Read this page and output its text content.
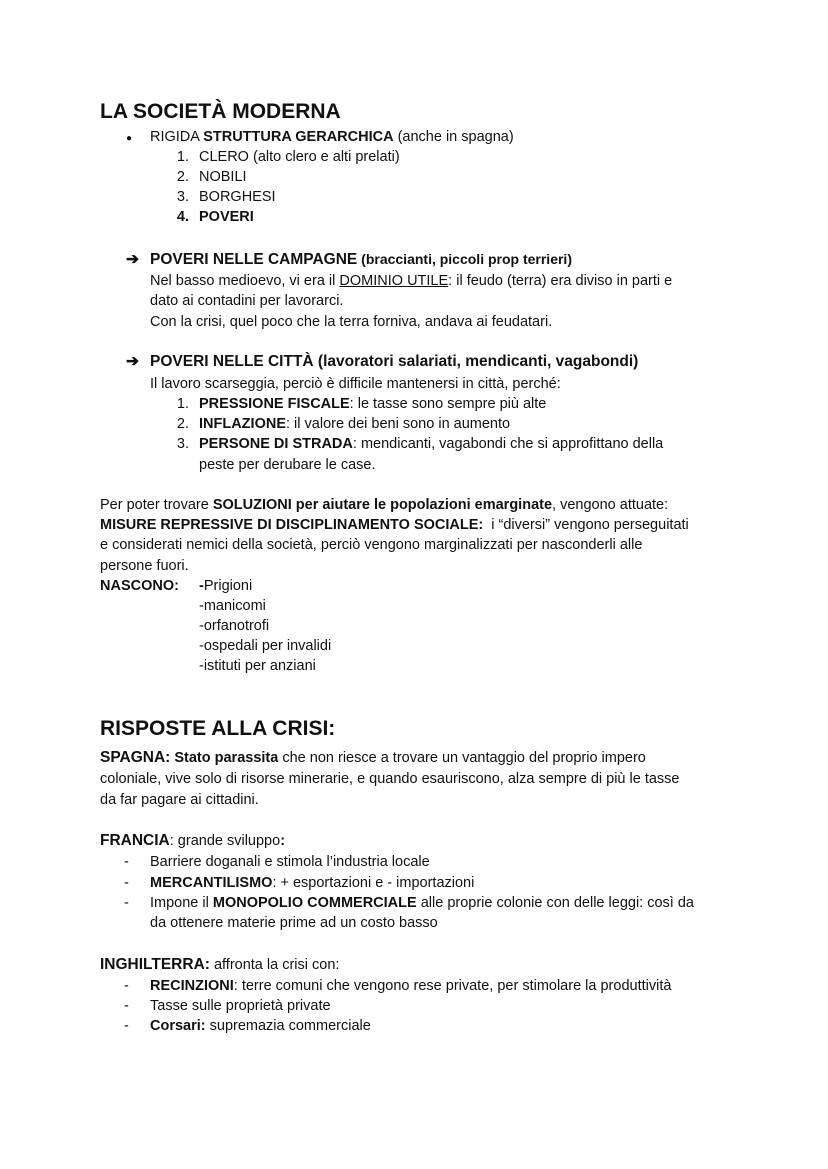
LA SOCIETÀ MODERNA
● RIGIDA STRUTTURA GERARCHICA (anche in spagna)
1. CLERO (alto clero e alti prelati)
2. NOBILI
3. BORGHESI
4. POVERI
➔ POVERI NELLE CAMPAGNE (braccianti, piccoli prop terrieri)
Nel basso medioevo, vi era il DOMINIO UTILE: il feudo (terra) era diviso in parti e
dato ai contadini per lavorarci.
Con la crisi, quel poco che la terra forniva, andava ai feudatari.
➔ POVERI NELLE CITTÀ (lavoratori salariati, mendicanti, vagabondi)
Il lavoro scarseggia, perciò è difficile mantenersi in città, perché:
1. PRESSIONE FISCALE: le tasse sono sempre più alte
2. INFLAZIONE: il valore dei beni sono in aumento
3. PERSONE DI STRADA: mendicanti, vagabondi che si approfittano della
peste per derubare le case.
Per poter trovare SOLUZIONI per aiutare le popolazioni emarginate, vengono attuate:
MISURE REPRESSIVE DI DISCIPLINAMENTO SOCIALE:  i “diversi” vengono perseguitati
e considerati nemici della società, perciò vengono marginalizzati per nasconderli alle
persone fuori.
NASCONO: -Prigioni
-manicomi
-orfanotrofi
-ospedali per invalidi
-istituti per anziani
RISPOSTE ALLA CRISI:
SPAGNA: Stato parassita che non riesce a trovare un vantaggio del proprio impero
coloniale, vive solo di risorse minerarie, e quando esauriscono, alza sempre di più le tasse
da far pagare ai cittadini.
FRANCIA: grande sviluppo:
- Barriere doganali e stimola l’industria locale
- MERCANTILISMO: + esportazioni e - importazioni
- Impone il MONOPOLIO COMMERCIALE alle proprie colonie con delle leggi: così da
da ottenere materie prime ad un costo basso
INGHILTERRA: affronta la crisi con:
- RECINZIONI: terre comuni che vengono rese private, per stimolare la produttività
- Tasse sulle proprietà private
- Corsari: supremazia commerciale
